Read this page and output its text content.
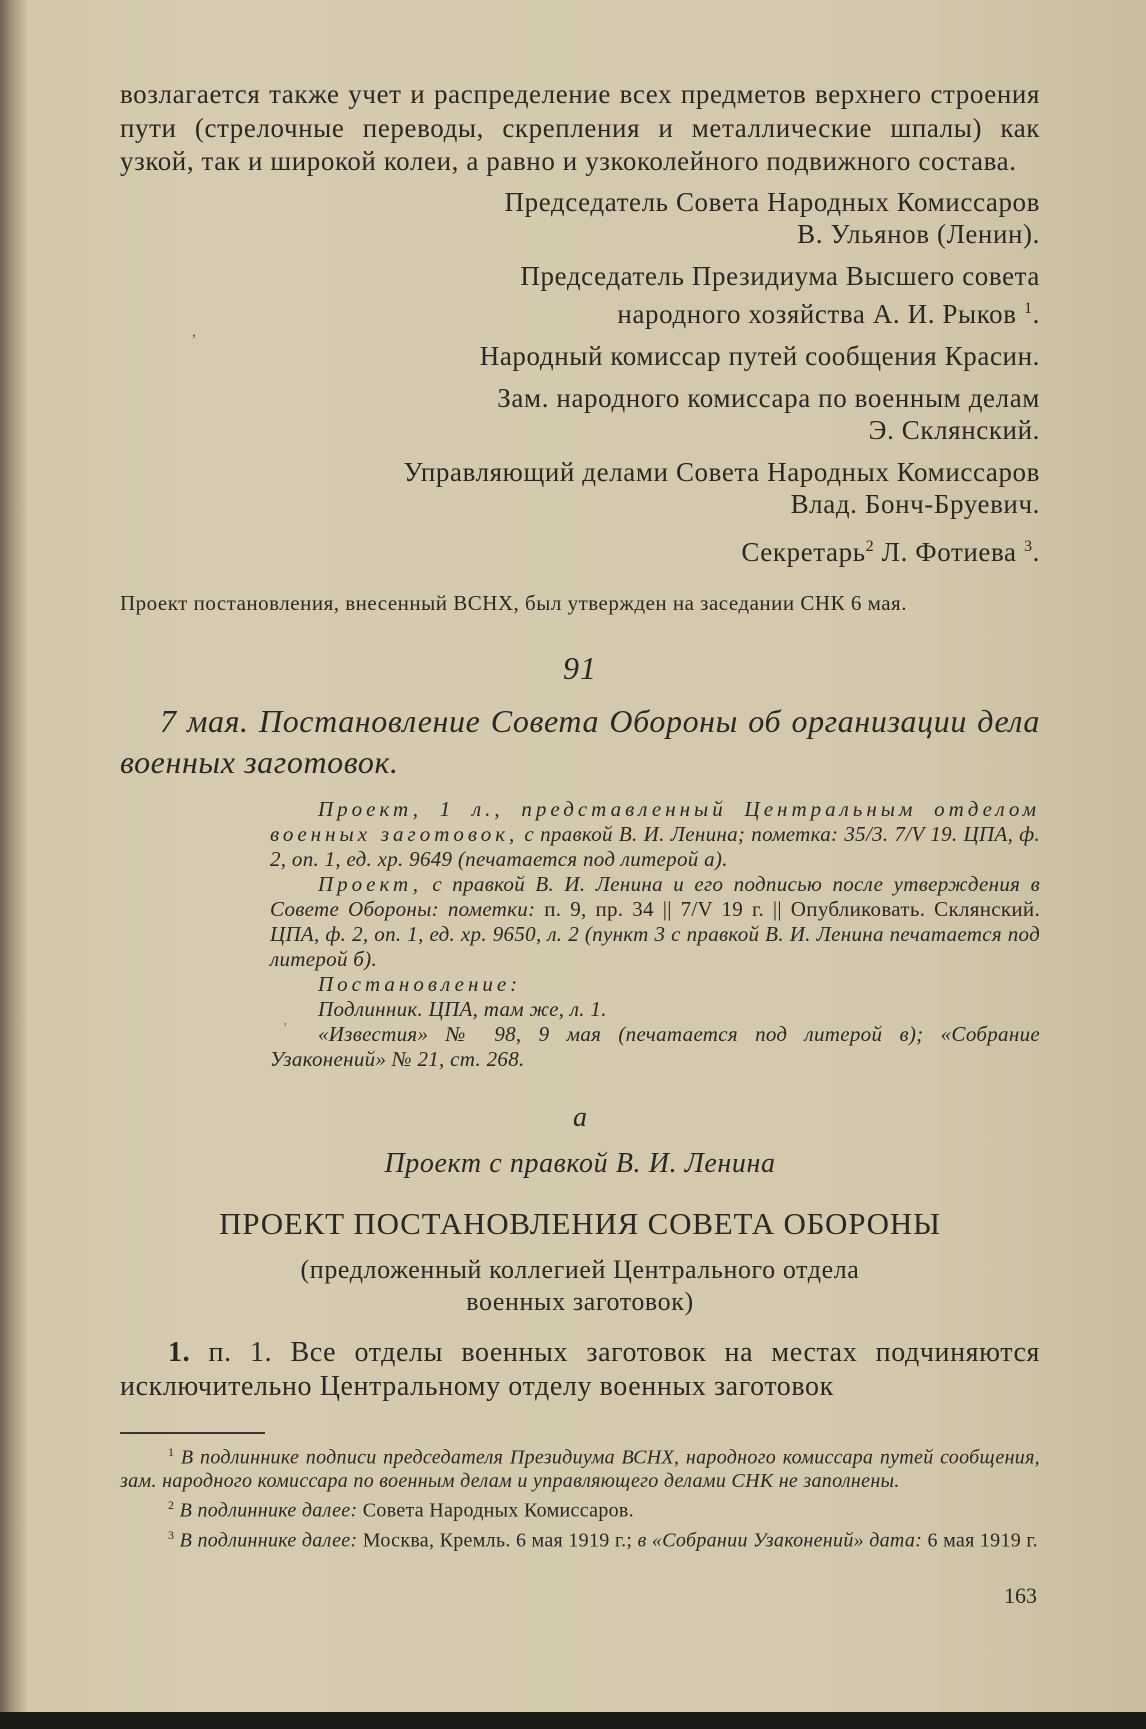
,
'

возлагается также учет и распределение всех предметов верхнего строения пути (стрелочные переводы, скрепления и металлические шпалы) как узкой, так и широкой колеи, а равно и узкоколейного подвижного состава.

Председатель Совета Народных Комиссаров

В. Ульянов (Ленин).

Председатель Президиума Высшего совета

народного хозяйства А. И. Рыков $^1$.

Народный комиссар путей сообщения Красин.

Зам. народного комиссара по военным делам

Э. Склянский.

Управляющий делами Совета Народных Комиссаров

Влад. Бонч-Бруевич.

Секретарь$^2$ Л. Фотиева $^3$.

Проект постановления, внесенный ВСНХ, был утвержден на заседании СНК 6 мая.

91

7 мая. Постановление Совета Обороны об организации дела военных заготовок.

Проект, 1 л., представленный Центральным отделом военных заготовок, с правкой В. И. Ленина; пометка: 35/3. 7/V 19. ЦПА, ф. 2, оп. 1, ед. хр. 9649 (печатается под литерой а).

Проект, с правкой В. И. Ленина и его подписью после утверждения в Совете Обороны: пометки: п. 9, пр. 34 || 7/V 19 г. || Опубликовать. Склянский. ЦПА, ф. 2, оп. 1, ед. хр. 9650, л. 2 (пункт 3 с правкой В. И. Ленина печатается под литерой б).

Постановление:

Подлинник. ЦПА, там же, л. 1.

«Известия» № 98, 9 мая (печатается под литерой в); «Собрание Узаконений» № 21, ст. 268.

а
Проект с правкой В. И. Ленина
ПРОЕКТ ПОСТАНОВЛЕНИЯ СОВЕТА ОБОРОНЫ
(предложенный коллегией Центрального отдела
военных заготовок)

1. п. 1. Все отделы военных заготовок на местах подчиняются исключительно Центральному отделу военных заготовок

$^1$ В подлиннике подписи председателя Президиума ВСНХ, народного комиссара путей сообщения, зам. народного комиссара по военным делам и управляющего делами СНК не заполнены.

$^2$ В подлиннике далее: Совета Народных Комиссаров.

$^3$ В подлиннике далее: Москва, Кремль. 6 мая 1919 г.; в «Собрании Узаконений» дата: 6 мая 1919 г.

163
